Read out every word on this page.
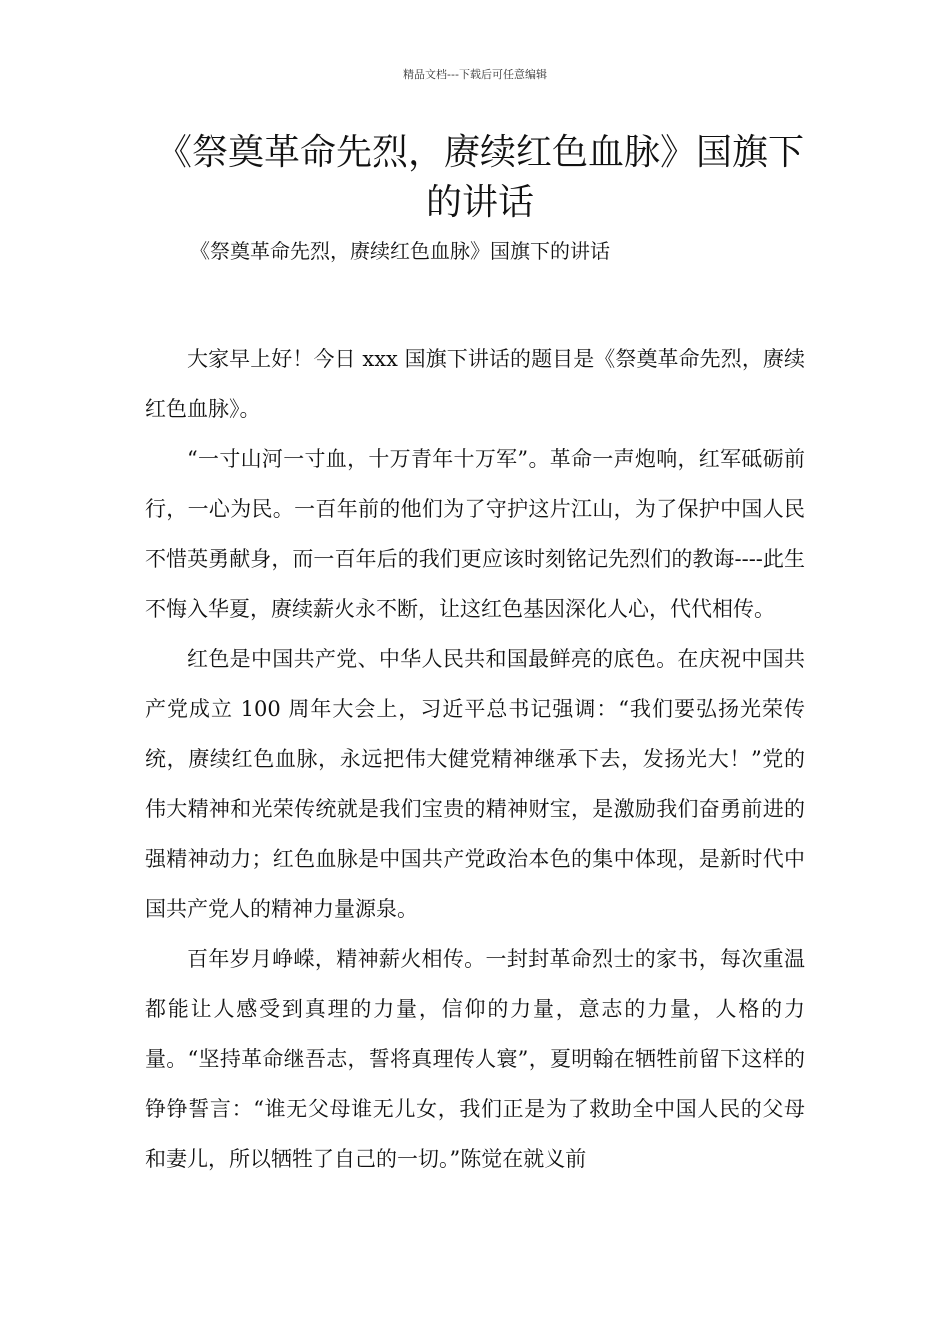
精品文档---下载后可任意编辑
《祭奠革命先烈，赓续红色血脉》国旗下的讲话
《祭奠革命先烈，赓续红色血脉》国旗下的讲话

大家早上好！今日 xxx 国旗下讲话的题目是《祭奠革命先烈，赓续红色血脉》。

“一寸山河一寸血，十万青年十万军”。革命一声炮响，红军砥砺前行，一心为民。一百年前的他们为了守护这片江山，为了保护中国人民不惜英勇献身，而一百年后的我们更应该时刻铭记先烈们的教诲----此生不悔入华夏，赓续薪火永不断，让这红色基因深化人心，代代相传。

红色是中国共产党、中华人民共和国最鲜亮的底色。在庆祝中国共产党成立 100 周年大会上，习近平总书记强调：“我们要弘扬光荣传统，赓续红色血脉，永远把伟大健党精神继承下去，发扬光大！”党的伟大精神和光荣传统就是我们宝贵的精神财宝，是激励我们奋勇前进的强精神动力；红色血脉是中国共产党政治本色的集中体现，是新时代中国共产党人的精神力量源泉。

百年岁月峥嵘，精神薪火相传。一封封革命烈士的家书，每次重温都能让人感受到真理的力量，信仰的力量，意志的力量，人格的力量。“坚持革命继吾志，誓将真理传人寰”，夏明翰在牺牲前留下这样的铮铮誓言：“谁无父母谁无儿女，我们正是为了救助全中国人民的父母和妻儿，所以牺牲了自己的一切。”陈觉在就义前
